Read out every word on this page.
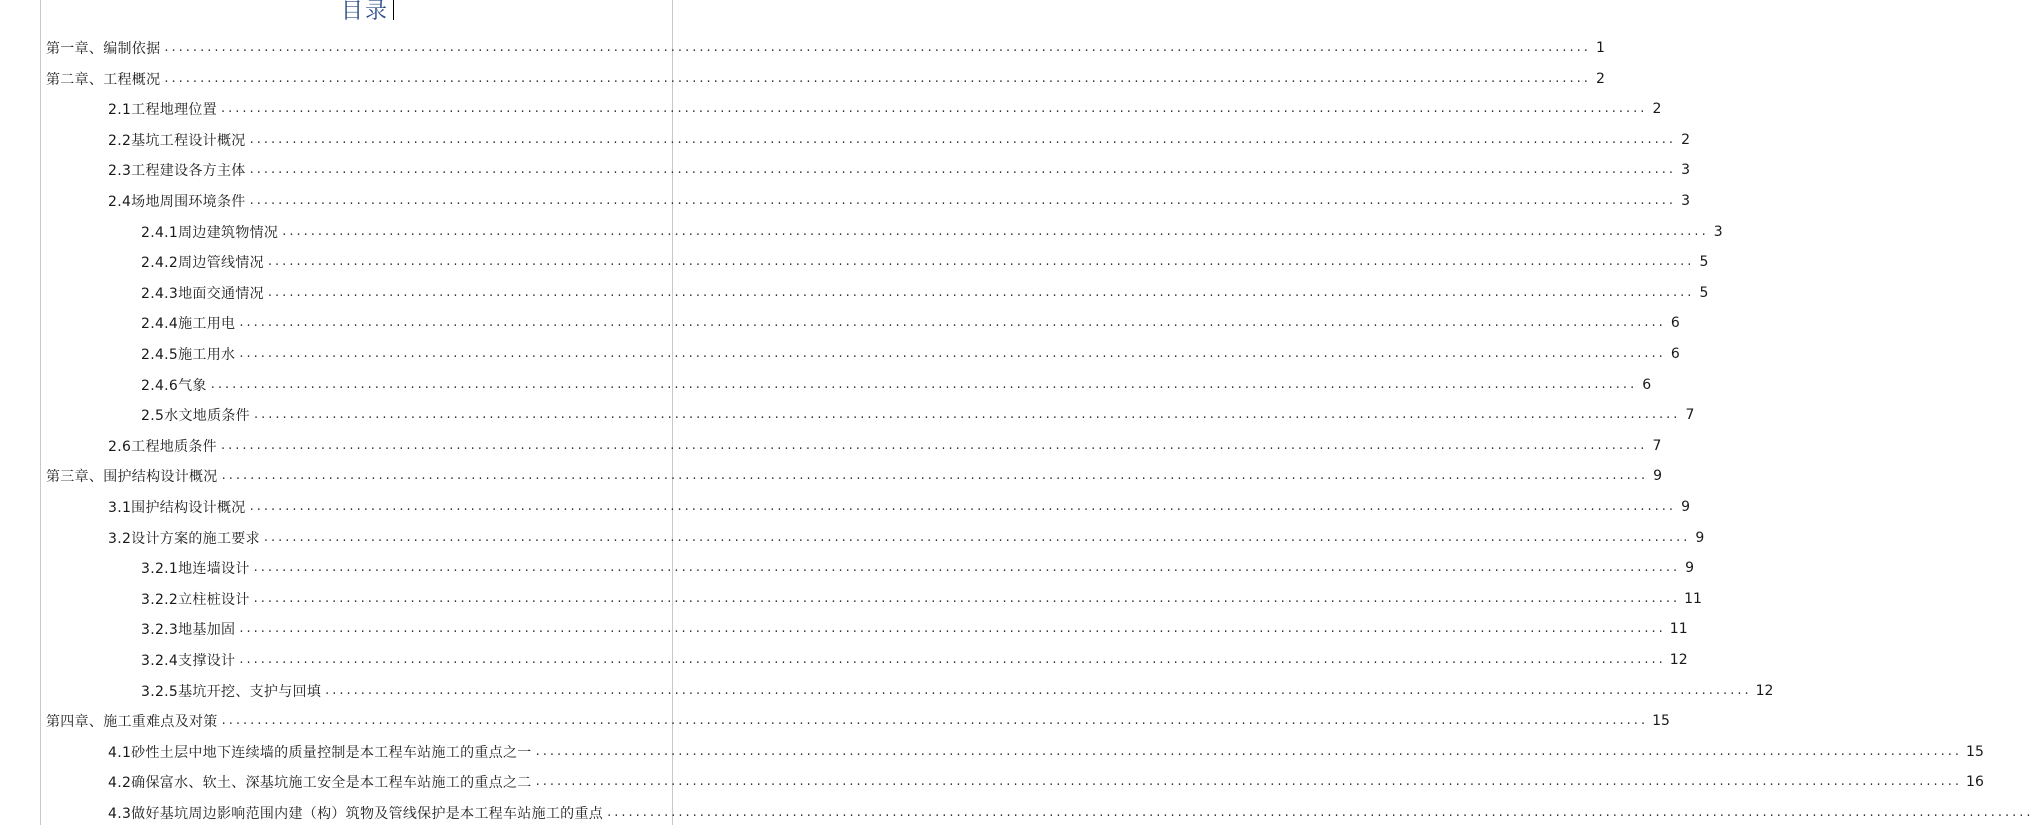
目录
第一章、编制依据 ........................................................................................................................................................................................................ 1
第二章、工程概况 ........................................................................................................................................................................................................ 2
2.1工程地理位置 ........................................................................................................................................................................................................ 2
2.2基坑工程设计概况 ........................................................................................................................................................................................................ 2
2.3工程建设各方主体 ........................................................................................................................................................................................................ 3
2.4场地周围环境条件 ........................................................................................................................................................................................................ 3
2.4.1周边建筑物情况 ........................................................................................................................................................................................................ 3
2.4.2周边管线情况 ........................................................................................................................................................................................................ 5
2.4.3地面交通情况 ........................................................................................................................................................................................................ 5
2.4.4施工用电 ........................................................................................................................................................................................................ 6
2.4.5施工用水 ........................................................................................................................................................................................................ 6
2.4.6气象 ........................................................................................................................................................................................................ 6
2.5水文地质条件 ........................................................................................................................................................................................................ 7
2.6工程地质条件 ........................................................................................................................................................................................................ 7
第三章、围护结构设计概况 ........................................................................................................................................................................................................ 9
3.1围护结构设计概况 ........................................................................................................................................................................................................ 9
3.2设计方案的施工要求 ........................................................................................................................................................................................................ 9
3.2.1地连墙设计 ........................................................................................................................................................................................................ 9
3.2.2立柱桩设计 ........................................................................................................................................................................................................ 11
3.2.3地基加固 ........................................................................................................................................................................................................ 11
3.2.4支撑设计 ........................................................................................................................................................................................................ 12
3.2.5基坑开挖、支护与回填 ........................................................................................................................................................................................................ 12
第四章、施工重难点及对策 ........................................................................................................................................................................................................ 15
4.1砂性土层中地下连续墙的质量控制是本工程车站施工的重点之一 ........................................................................................................................................................................................................ 15
4.2确保富水、软土、深基坑施工安全是本工程车站施工的重点之二 ........................................................................................................................................................................................................ 16
4.3做好基坑周边影响范围内建（构）筑物及管线保护是本工程车站施工的重点 ........................................................................................................................................................................................................
